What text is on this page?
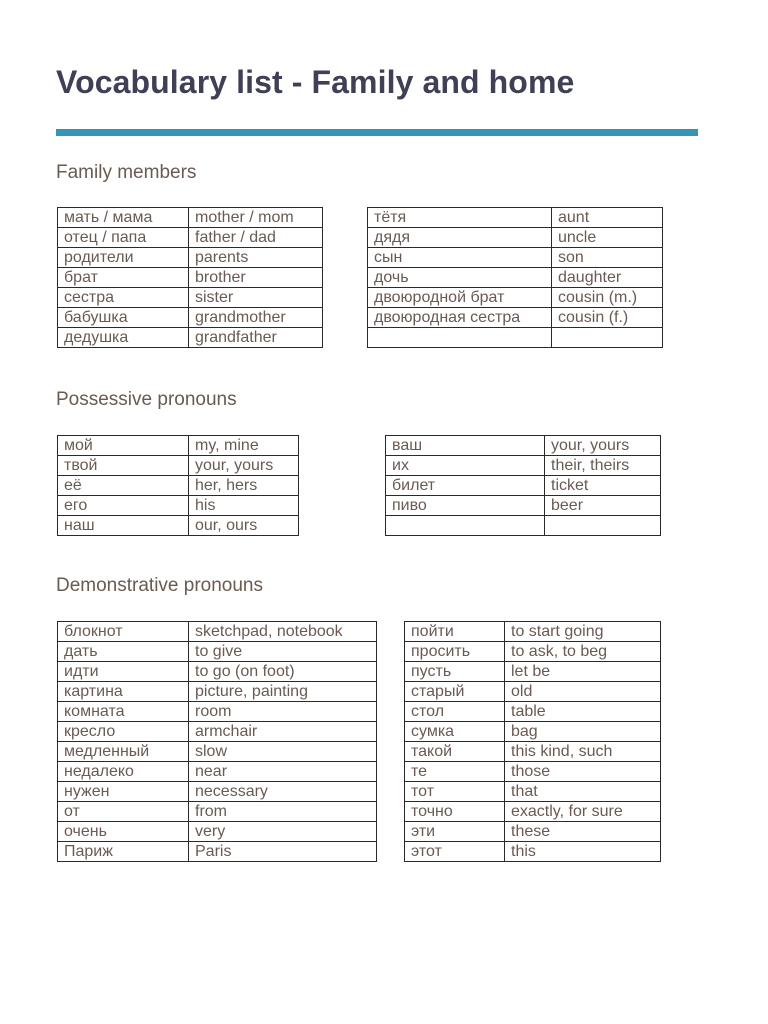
Vocabulary list - Family and home
Family members
мать / мама	mother / mom
отец / папа	father / dad
родители	parents
брат	brother
сестра	sister
бабушка	grandmother
дедушка	grandfather
тётя	aunt
дядя	uncle
сын	son
дочь	daughter
двоюродной брат	cousin (m.)
двоюродная сестра	cousin (f.)

Possessive pronouns
мой	my, mine
твой	your, yours
её	her, hers
его	his
наш	our, ours
ваш	your, yours
их	their, theirs
билет	ticket
пиво	beer

Demonstrative pronouns
блокнот	sketchpad, notebook
дать	to give
идти	to go (on foot)
картина	picture, painting
комната	room
кресло	armchair
медленный	slow
недалеко	near
нужен	necessary
от	from
очень	very
Париж	Paris
пойти	to start going
просить	to ask, to beg
пусть	let be
старый	old
стол	table
сумка	bag
такой	this kind, such
те	those
тот	that
точно	exactly, for sure
эти	these
этот	this
